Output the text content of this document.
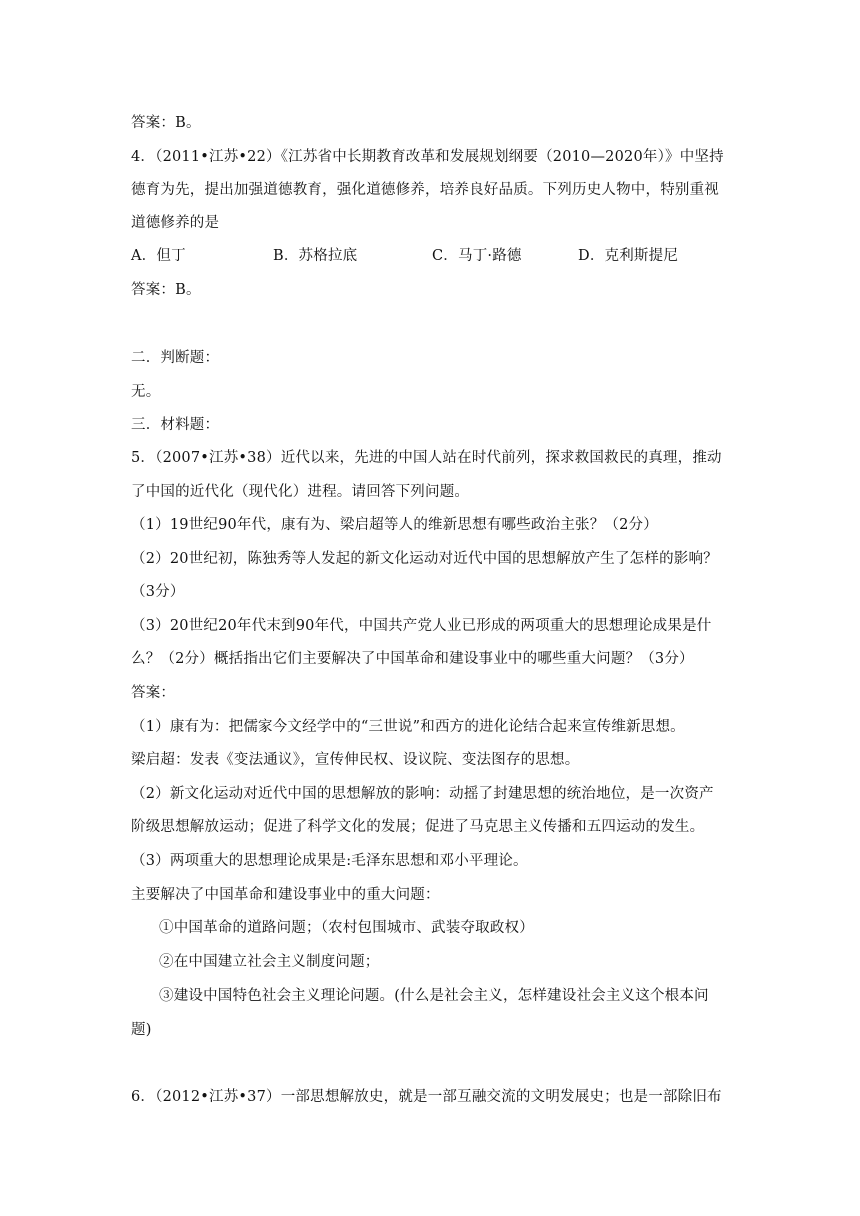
答案：B。
4．（2011•江苏•22）《江苏省中长期教育改革和发展规划纲要（2010—2020年）》中坚持
德育为先，提出加强道德教育，强化道德修养，培养良好品质。下列历史人物中，特别重视
道德修养的是
A．但丁	B．苏格拉底	C．马丁·路德	D．克利斯提尼
答案：B。
二．判断题：
无。
三．材料题：
5．（2007•江苏•38）近代以来，先进的中国人站在时代前列，探求救国救民的真理，推动
了中国的近代化（现代化）进程。请回答下列问题。
（1）19世纪90年代，康有为、梁启超等人的维新思想有哪些政治主张？（2分）
（2）20世纪初，陈独秀等人发起的新文化运动对近代中国的思想解放产生了怎样的影响？
（3分）
（3）20世纪20年代末到90年代，中国共产党人业已形成的两项重大的思想理论成果是什
么？（2分）概括指出它们主要解决了中国革命和建设事业中的哪些重大问题？（3分）
答案：
（1）康有为：把儒家今文经学中的“三世说”和西方的进化论结合起来宣传维新思想。
梁启超：发表《变法通议》，宣传伸民权、设议院、变法图存的思想。
（2）新文化运动对近代中国的思想解放的影响：动摇了封建思想的统治地位，是一次资产
阶级思想解放运动；促进了科学文化的发展；促进了马克思主义传播和五四运动的发生。
（3）两项重大的思想理论成果是:毛泽东思想和邓小平理论。
主要解决了中国革命和建设事业中的重大问题：
①中国革命的道路问题；（农村包围城市、武装夺取政权）
②在中国建立社会主义制度问题；
③建设中国特色社会主义理论问题。(什么是社会主义，怎样建设社会主义这个根本问
题)
6．（2012•江苏•37）一部思想解放史，就是一部互融交流的文明发展史；也是一部除旧布
